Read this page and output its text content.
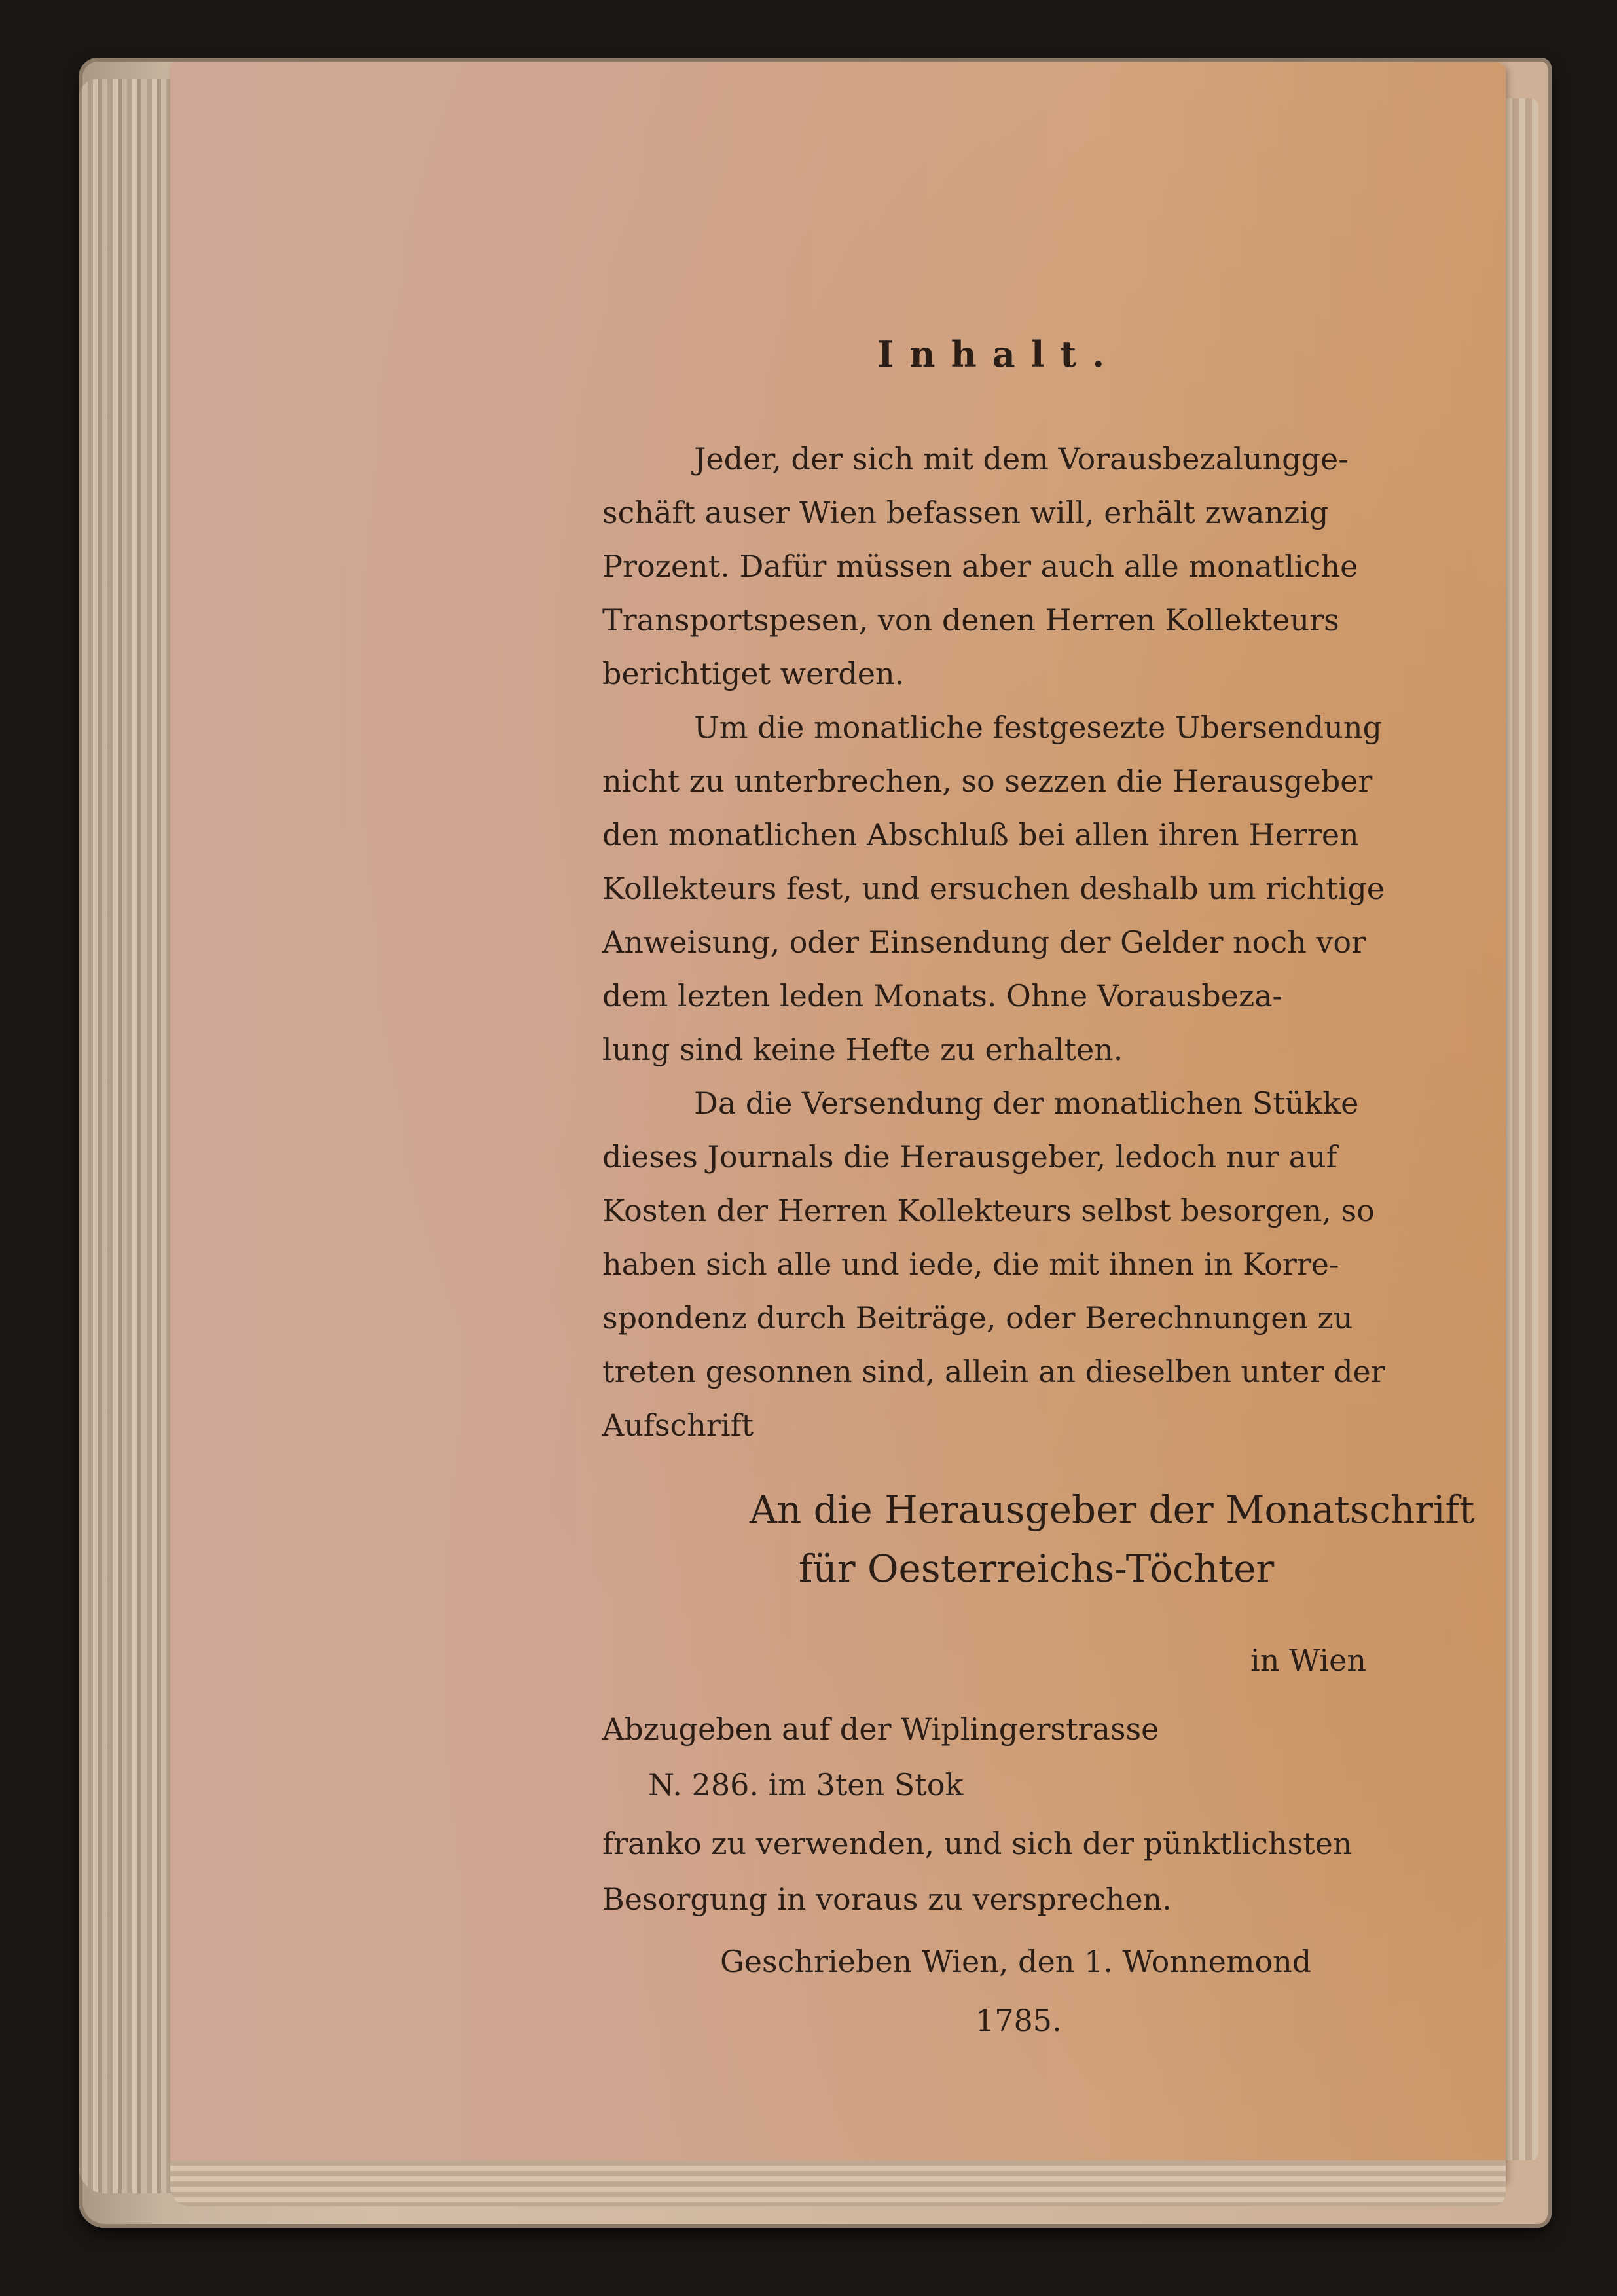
Inhalt.
Jeder, der sich mit dem Vorausbezalungge-
schäft auser Wien befassen will, erhält zwanzig
Prozent. Dafür müssen aber auch alle monatliche
Transportspesen, von denen Herren Kollekteurs
berichtiget werden.
Um die monatliche festgesezte Ubersendung
nicht zu unterbrechen, so sezzen die Herausgeber
den monatlichen Abschluß bei allen ihren Herren
Kollekteurs fest, und ersuchen deshalb um richtige
Anweisung, oder Einsendung der Gelder noch vor
dem lezten leden Monats. Ohne Vorausbeza-
lung sind keine Hefte zu erhalten.
Da die Versendung der monatlichen Stükke
dieses Journals die Herausgeber, ledoch nur auf
Kosten der Herren Kollekteurs selbst besorgen, so
haben sich alle und iede, die mit ihnen in Korre-
spondenz durch Beiträge, oder Berechnungen zu
treten gesonnen sind, allein an dieselben unter der
Aufschrift
An die Herausgeber der Monatschrift
für Oesterreichs-Töchter
in Wien
Abzugeben auf der Wiplingerstrasse
N. 286. im 3ten Stok
franko zu verwenden, und sich der pünktlichsten
Besorgung in voraus zu versprechen.
Geschrieben Wien, den 1. Wonnemond
1785.
